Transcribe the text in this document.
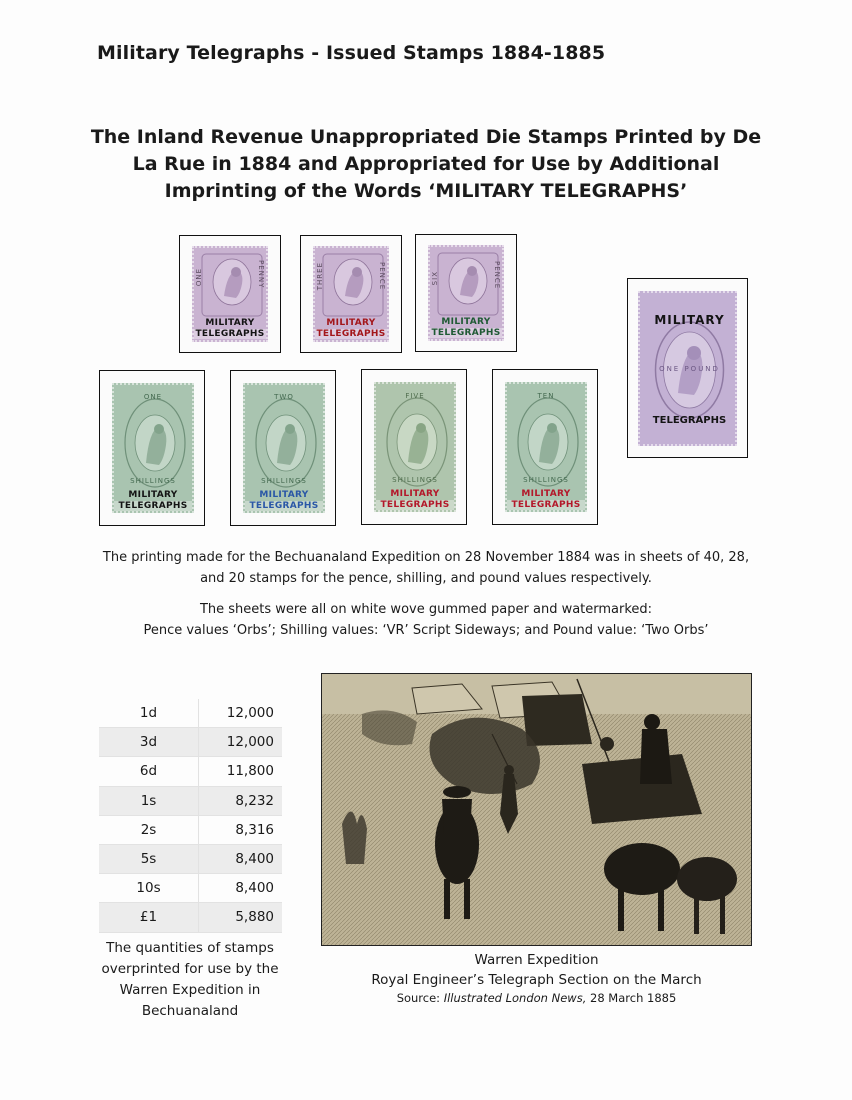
Military Telegraphs - Issued Stamps 1884-1885
The Inland Revenue Unappropriated Die Stamps Printed by De La Rue in 1884 and Appropriated for Use by Additional Imprinting of the Words ‘MILITARY TELEGRAPHS’
ONE	PENNY
MILITARY
TELEGRAPHS
THREE	PENCE
MILITARY
TELEGRAPHS
SIX	PENCE
MILITARY
TELEGRAPHS
MILITARY
ONE POUND
TELEGRAPHS
ONE
SHILLINGS
MILITARY
TELEGRAPHS
TWO
SHILLINGS
MILITARY
TELEGRAPHS
FIVE
SHILLINGS
MILITARY
TELEGRAPHS
TEN
SHILLINGS
MILITARY
TELEGRAPHS
The printing made for the Bechuanaland Expedition on 28 November 1884 was in sheets of 40, 28, and 20 stamps for the pence, shilling, and pound values respectively.
The sheets were all on white wove gummed paper and watermarked:
Pence values ‘Orbs’; Shilling values: ‘VR’ Script Sideways; and Pound value: ‘Two Orbs’
1d	12,000
3d	12,000
6d	11,800
1s	8,232
2s	8,316
5s	8,400
10s	8,400
£1	5,880
The quantities of stamps overprinted for use by the Warren Expedition in Bechuanaland
Warren Expedition
Royal Engineer’s Telegraph Section on the March
Source: Illustrated London News, 28 March 1885
